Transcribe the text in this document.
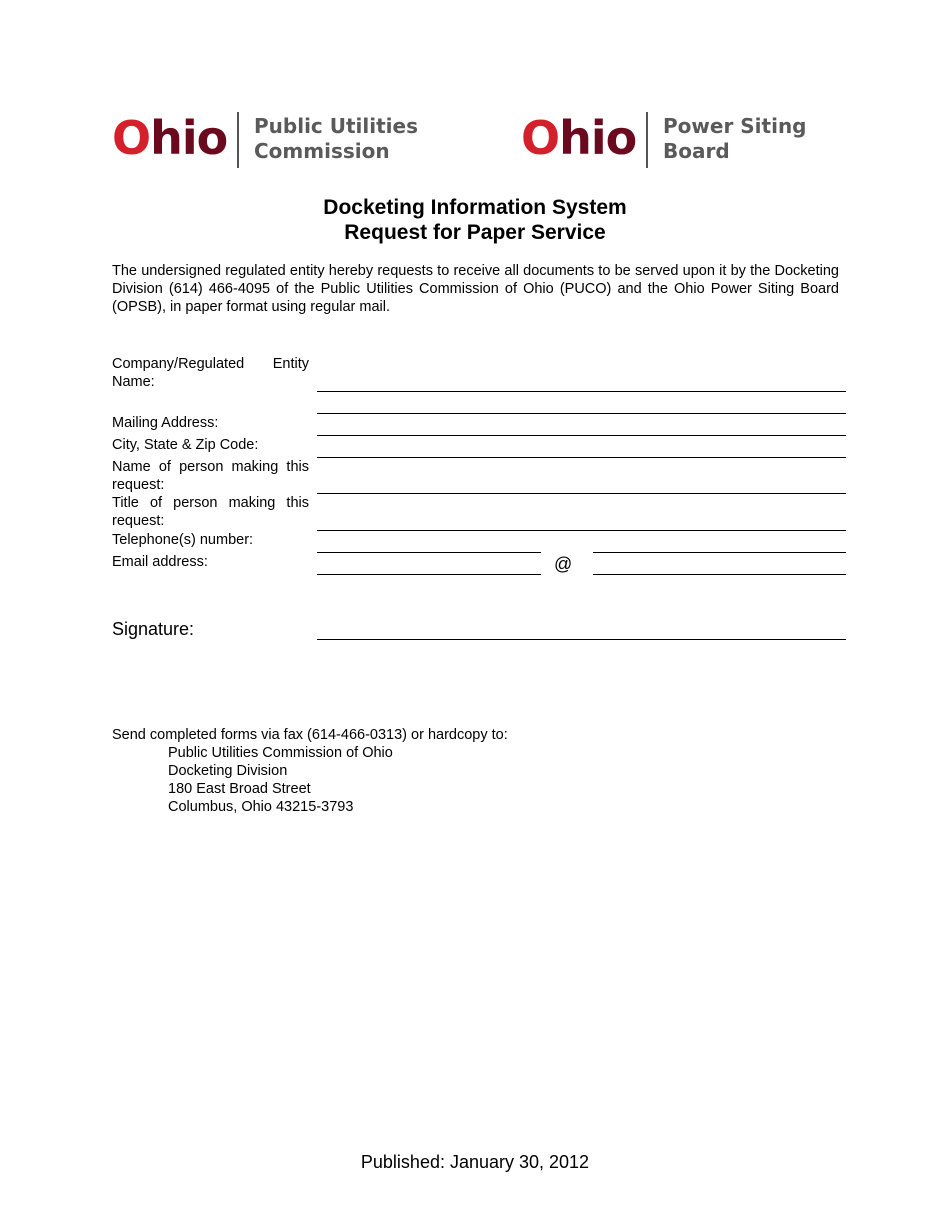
Ohio Public Utilities
Commission	Ohio Power Siting
Board
Docketing Information System
Request for Paper Service
The undersigned regulated entity hereby requests to receive all documents to be served upon it by the Docketing Division (614) 466-4095 of the Public Utilities Commission of Ohio (PUCO) and the Ohio Power Siting Board (OPSB), in paper format using regular mail.
Company/Regulated Entity
Name:
Mailing Address:
City, State & Zip Code:
Name of person making this
request:
Title of person making this
request:
Telephone(s) number:
Email address:	@
Signature:
Send completed forms via fax (614-466-0313) or hardcopy to:
Public Utilities Commission of Ohio
Docketing Division
180 East Broad Street
Columbus, Ohio 43215-3793
Published: January 30, 2012
